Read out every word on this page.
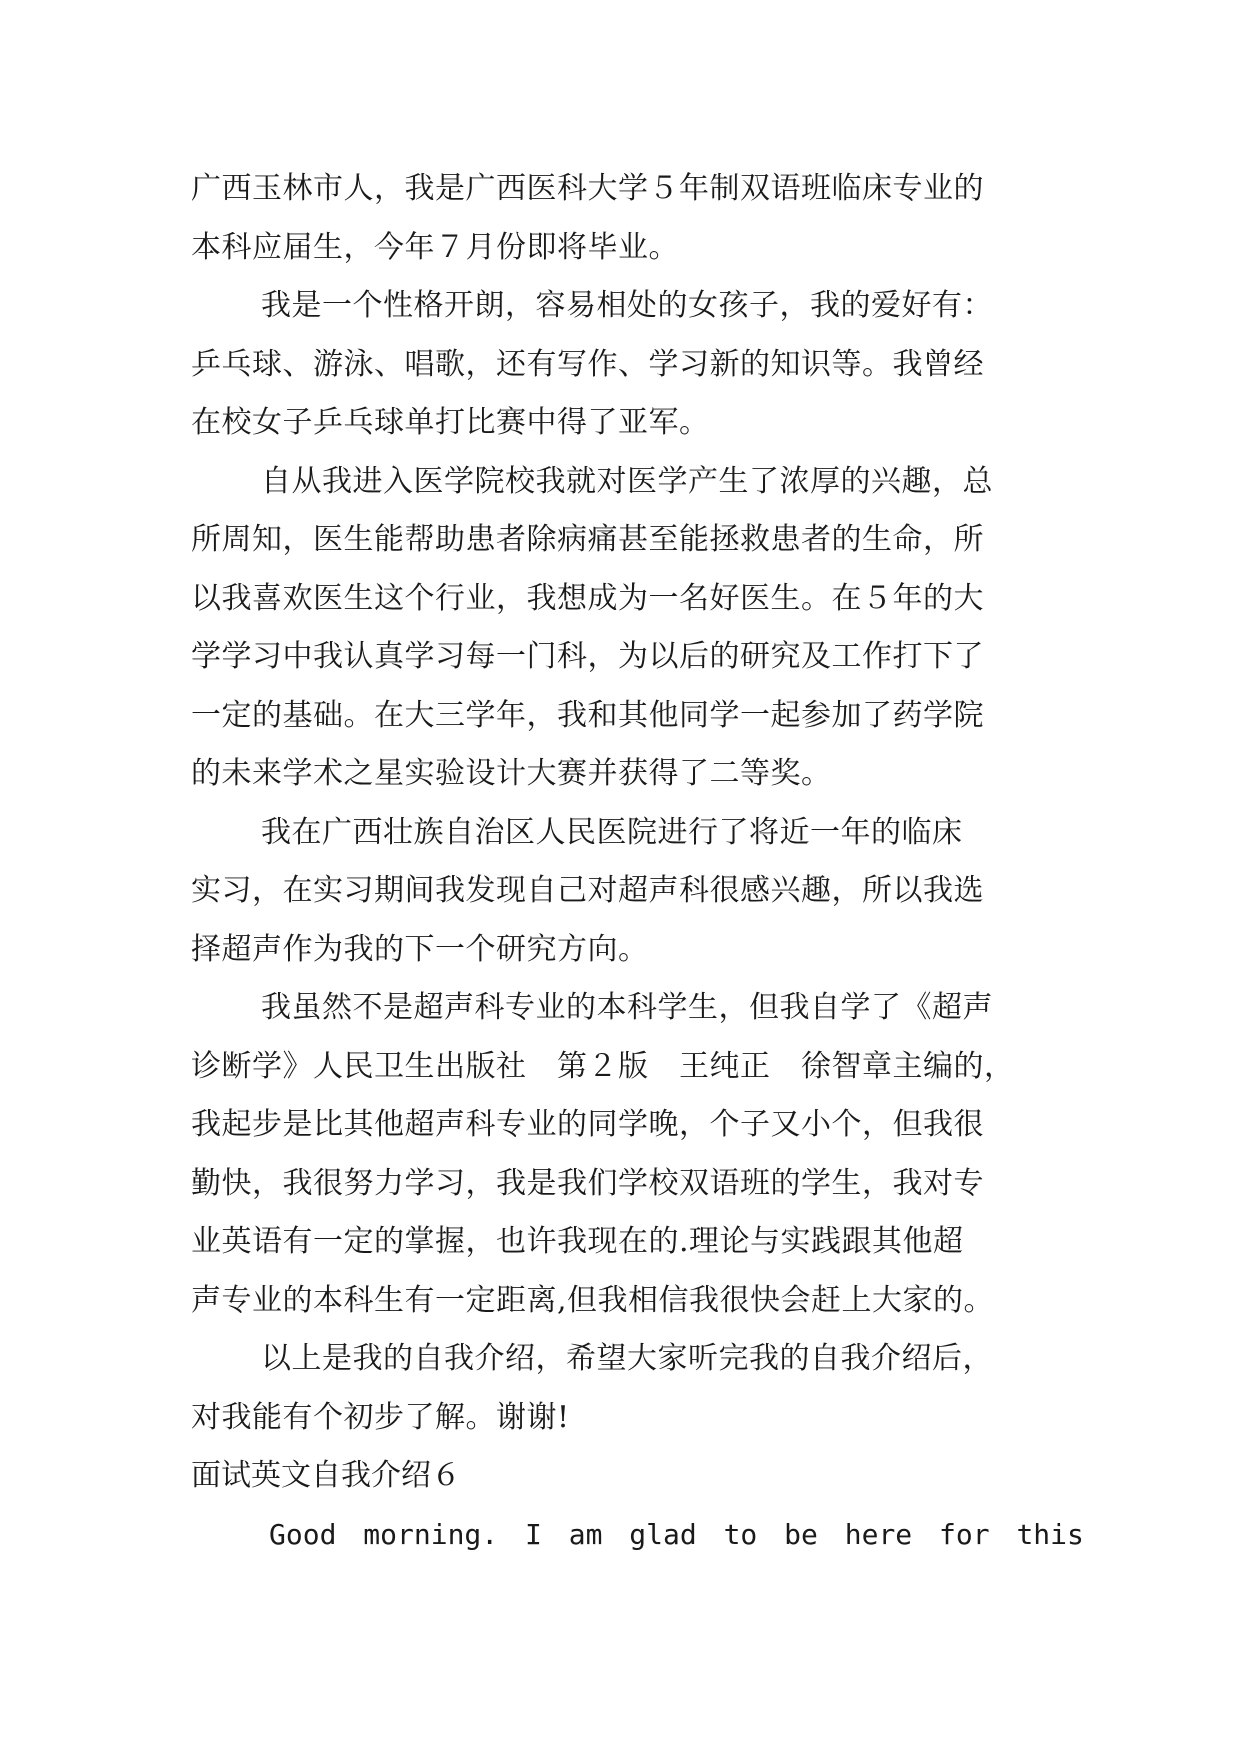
广西玉林市人，我是广西医科大学５年制双语班临床专业的
本科应届生，今年７月份即将毕业。
我是一个性格开朗，容易相处的女孩子，我的爱好有：
乒乓球、游泳、唱歌，还有写作、学习新的知识等。我曾经
在校女子乒乓球单打比赛中得了亚军。
自从我进入医学院校我就对医学产生了浓厚的兴趣，总
所周知，医生能帮助患者除病痛甚至能拯救患者的生命，所
以我喜欢医生这个行业，我想成为一名好医生。在５年的大
学学习中我认真学习每一门科，为以后的研究及工作打下了
一定的基础。在大三学年，我和其他同学一起参加了药学院
的未来学术之星实验设计大赛并获得了二等奖。
我在广西壮族自治区人民医院进行了将近一年的临床
实习，在实习期间我发现自己对超声科很感兴趣，所以我选
择超声作为我的下一个研究方向。
我虽然不是超声科专业的本科学生，但我自学了《超声
诊断学》人民卫生出版社　第２版　王纯正　徐智章主编的，
我起步是比其他超声科专业的同学晚，个子又小个，但我很
勤快，我很努力学习，我是我们学校双语班的学生，我对专
业英语有一定的掌握，也许我现在的.理论与实践跟其他超
声专业的本科生有一定距离,但我相信我很快会赶上大家的。
以上是我的自我介绍，希望大家听完我的自我介绍后，
对我能有个初步了解。谢谢!
面试英文自我介绍６
Good morning. I am glad to be here for this
